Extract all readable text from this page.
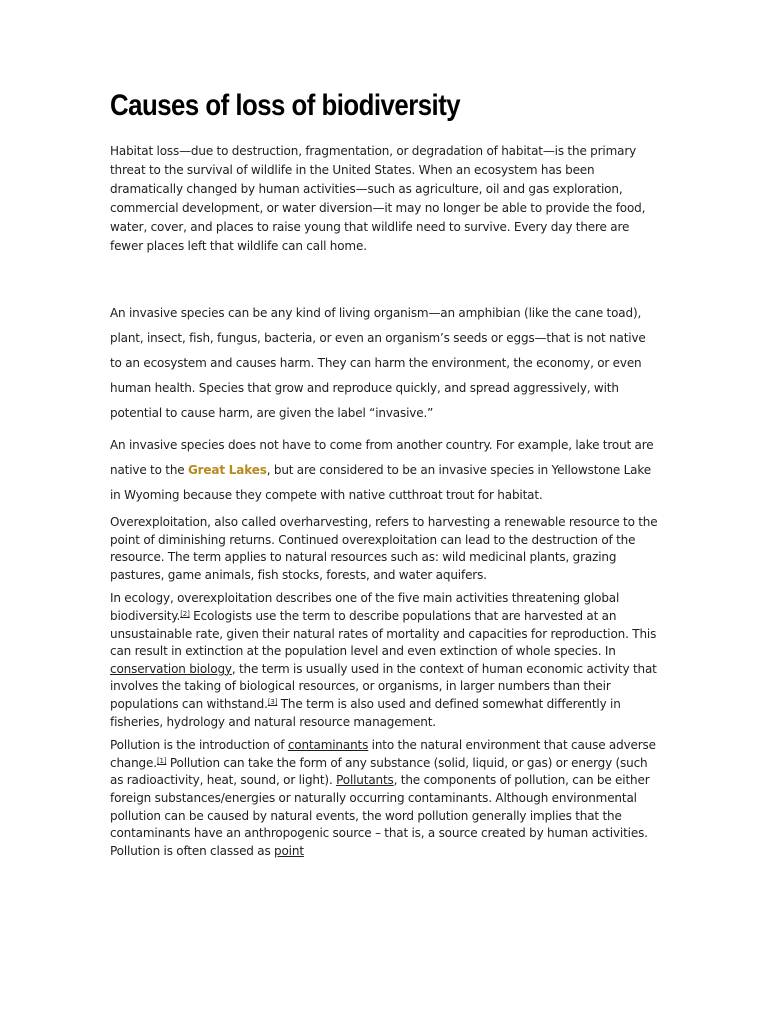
Causes of loss of biodiversity

Habitat loss—due to destruction, fragmentation, or degradation of habitat—is the primary threat to the survival of wildlife in the United States. When an ecosystem has been dramatically changed by human activities—such as agriculture, oil and gas exploration, commercial development, or water diversion—it may no longer be able to provide the food, water, cover, and places to raise young that wildlife need to survive. Every day there are fewer places left that wildlife can call home.

An invasive species can be any kind of living organism—an amphibian (like the cane toad), plant, insect, fish, fungus, bacteria, or even an organism’s seeds or eggs—that is not native to an ecosystem and causes harm. They can harm the environment, the economy, or even human health. Species that grow and reproduce quickly, and spread aggressively, with potential to cause harm, are given the label “invasive.”

An invasive species does not have to come from another country. For example, lake trout are native to the Great Lakes, but are considered to be an invasive species in Yellowstone Lake in Wyoming because they compete with native cutthroat trout for habitat.

Overexploitation, also called overharvesting, refers to harvesting a renewable resource to the point of diminishing returns. Continued overexploitation can lead to the destruction of the resource. The term applies to natural resources such as: wild medicinal plants, grazing pastures, game animals, fish stocks, forests, and water aquifers.

In ecology, overexploitation describes one of the five main activities threatening global biodiversity.[2] Ecologists use the term to describe populations that are harvested at an unsustainable rate, given their natural rates of mortality and capacities for reproduction. This can result in extinction at the population level and even extinction of whole species. In conservation biology, the term is usually used in the context of human economic activity that involves the taking of biological resources, or organisms, in larger numbers than their populations can withstand.[3] The term is also used and defined somewhat differently in fisheries, hydrology and natural resource management.

Pollution is the introduction of contaminants into the natural environment that cause adverse change.[1] Pollution can take the form of any substance (solid, liquid, or gas) or energy (such as radioactivity, heat, sound, or light). Pollutants, the components of pollution, can be either foreign substances/energies or naturally occurring contaminants. Although environmental pollution can be caused by natural events, the word pollution generally implies that the contaminants have an anthropogenic source – that is, a source created by human activities. Pollution is often classed as point
